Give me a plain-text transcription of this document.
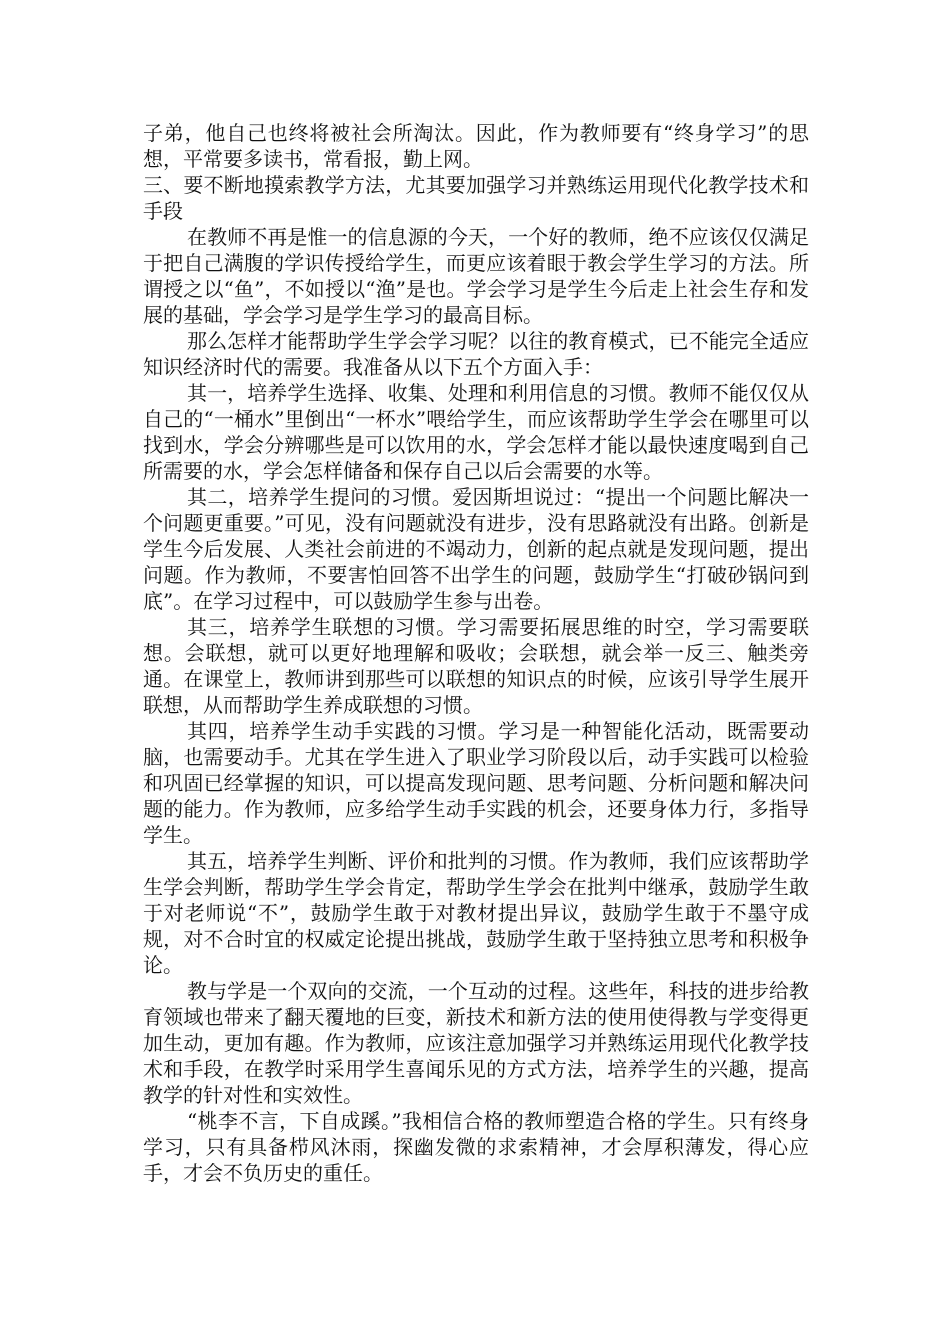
子弟，他自己也终将被社会所淘汰。因此，作为教师要有“终身学习”的思想，平常要多读书，常看报，勤上网。

三、要不断地摸索教学方法，尤其要加强学习并熟练运用现代化教学技术和手段

在教师不再是惟一的信息源的今天，一个好的教师，绝不应该仅仅满足于把自己满腹的学识传授给学生，而更应该着眼于教会学生学习的方法。所谓授之以“鱼”，不如授以“渔”是也。学会学习是学生今后走上社会生存和发展的基础，学会学习是学生学习的最高目标。

那么怎样才能帮助学生学会学习呢？以往的教育模式，已不能完全适应知识经济时代的需要。我准备从以下五个方面入手：

其一，培养学生选择、收集、处理和利用信息的习惯。教师不能仅仅从自己的“一桶水”里倒出“一杯水”喂给学生，而应该帮助学生学会在哪里可以找到水，学会分辨哪些是可以饮用的水，学会怎样才能以最快速度喝到自己所需要的水，学会怎样储备和保存自己以后会需要的水等。

其二，培养学生提问的习惯。爱因斯坦说过：“提出一个问题比解决一个问题更重要。”可见，没有问题就没有进步，没有思路就没有出路。创新是学生今后发展、人类社会前进的不竭动力，创新的起点就是发现问题，提出问题。作为教师，不要害怕回答不出学生的问题，鼓励学生“打破砂锅问到底”。在学习过程中，可以鼓励学生参与出卷。

其三，培养学生联想的习惯。学习需要拓展思维的时空，学习需要联想。会联想，就可以更好地理解和吸收；会联想，就会举一反三、触类旁通。在课堂上，教师讲到那些可以联想的知识点的时候，应该引导学生展开联想，从而帮助学生养成联想的习惯。

其四，培养学生动手实践的习惯。学习是一种智能化活动，既需要动脑，也需要动手。尤其在学生进入了职业学习阶段以后，动手实践可以检验和巩固已经掌握的知识，可以提高发现问题、思考问题、分析问题和解决问题的能力。作为教师，应多给学生动手实践的机会，还要身体力行，多指导学生。

其五，培养学生判断、评价和批判的习惯。作为教师，我们应该帮助学生学会判断，帮助学生学会肯定，帮助学生学会在批判中继承，鼓励学生敢于对老师说“不”，鼓励学生敢于对教材提出异议，鼓励学生敢于不墨守成规，对不合时宜的权威定论提出挑战，鼓励学生敢于坚持独立思考和积极争论。

教与学是一个双向的交流，一个互动的过程。这些年，科技的进步给教育领域也带来了翻天覆地的巨变，新技术和新方法的使用使得教与学变得更加生动，更加有趣。作为教师，应该注意加强学习并熟练运用现代化教学技术和手段，在教学时采用学生喜闻乐见的方式方法，培养学生的兴趣，提高教学的针对性和实效性。

“桃李不言，下自成蹊。”我相信合格的教师塑造合格的学生。只有终身学习，只有具备栉风沐雨，探幽发微的求索精神，才会厚积薄发，得心应手，才会不负历史的重任。
